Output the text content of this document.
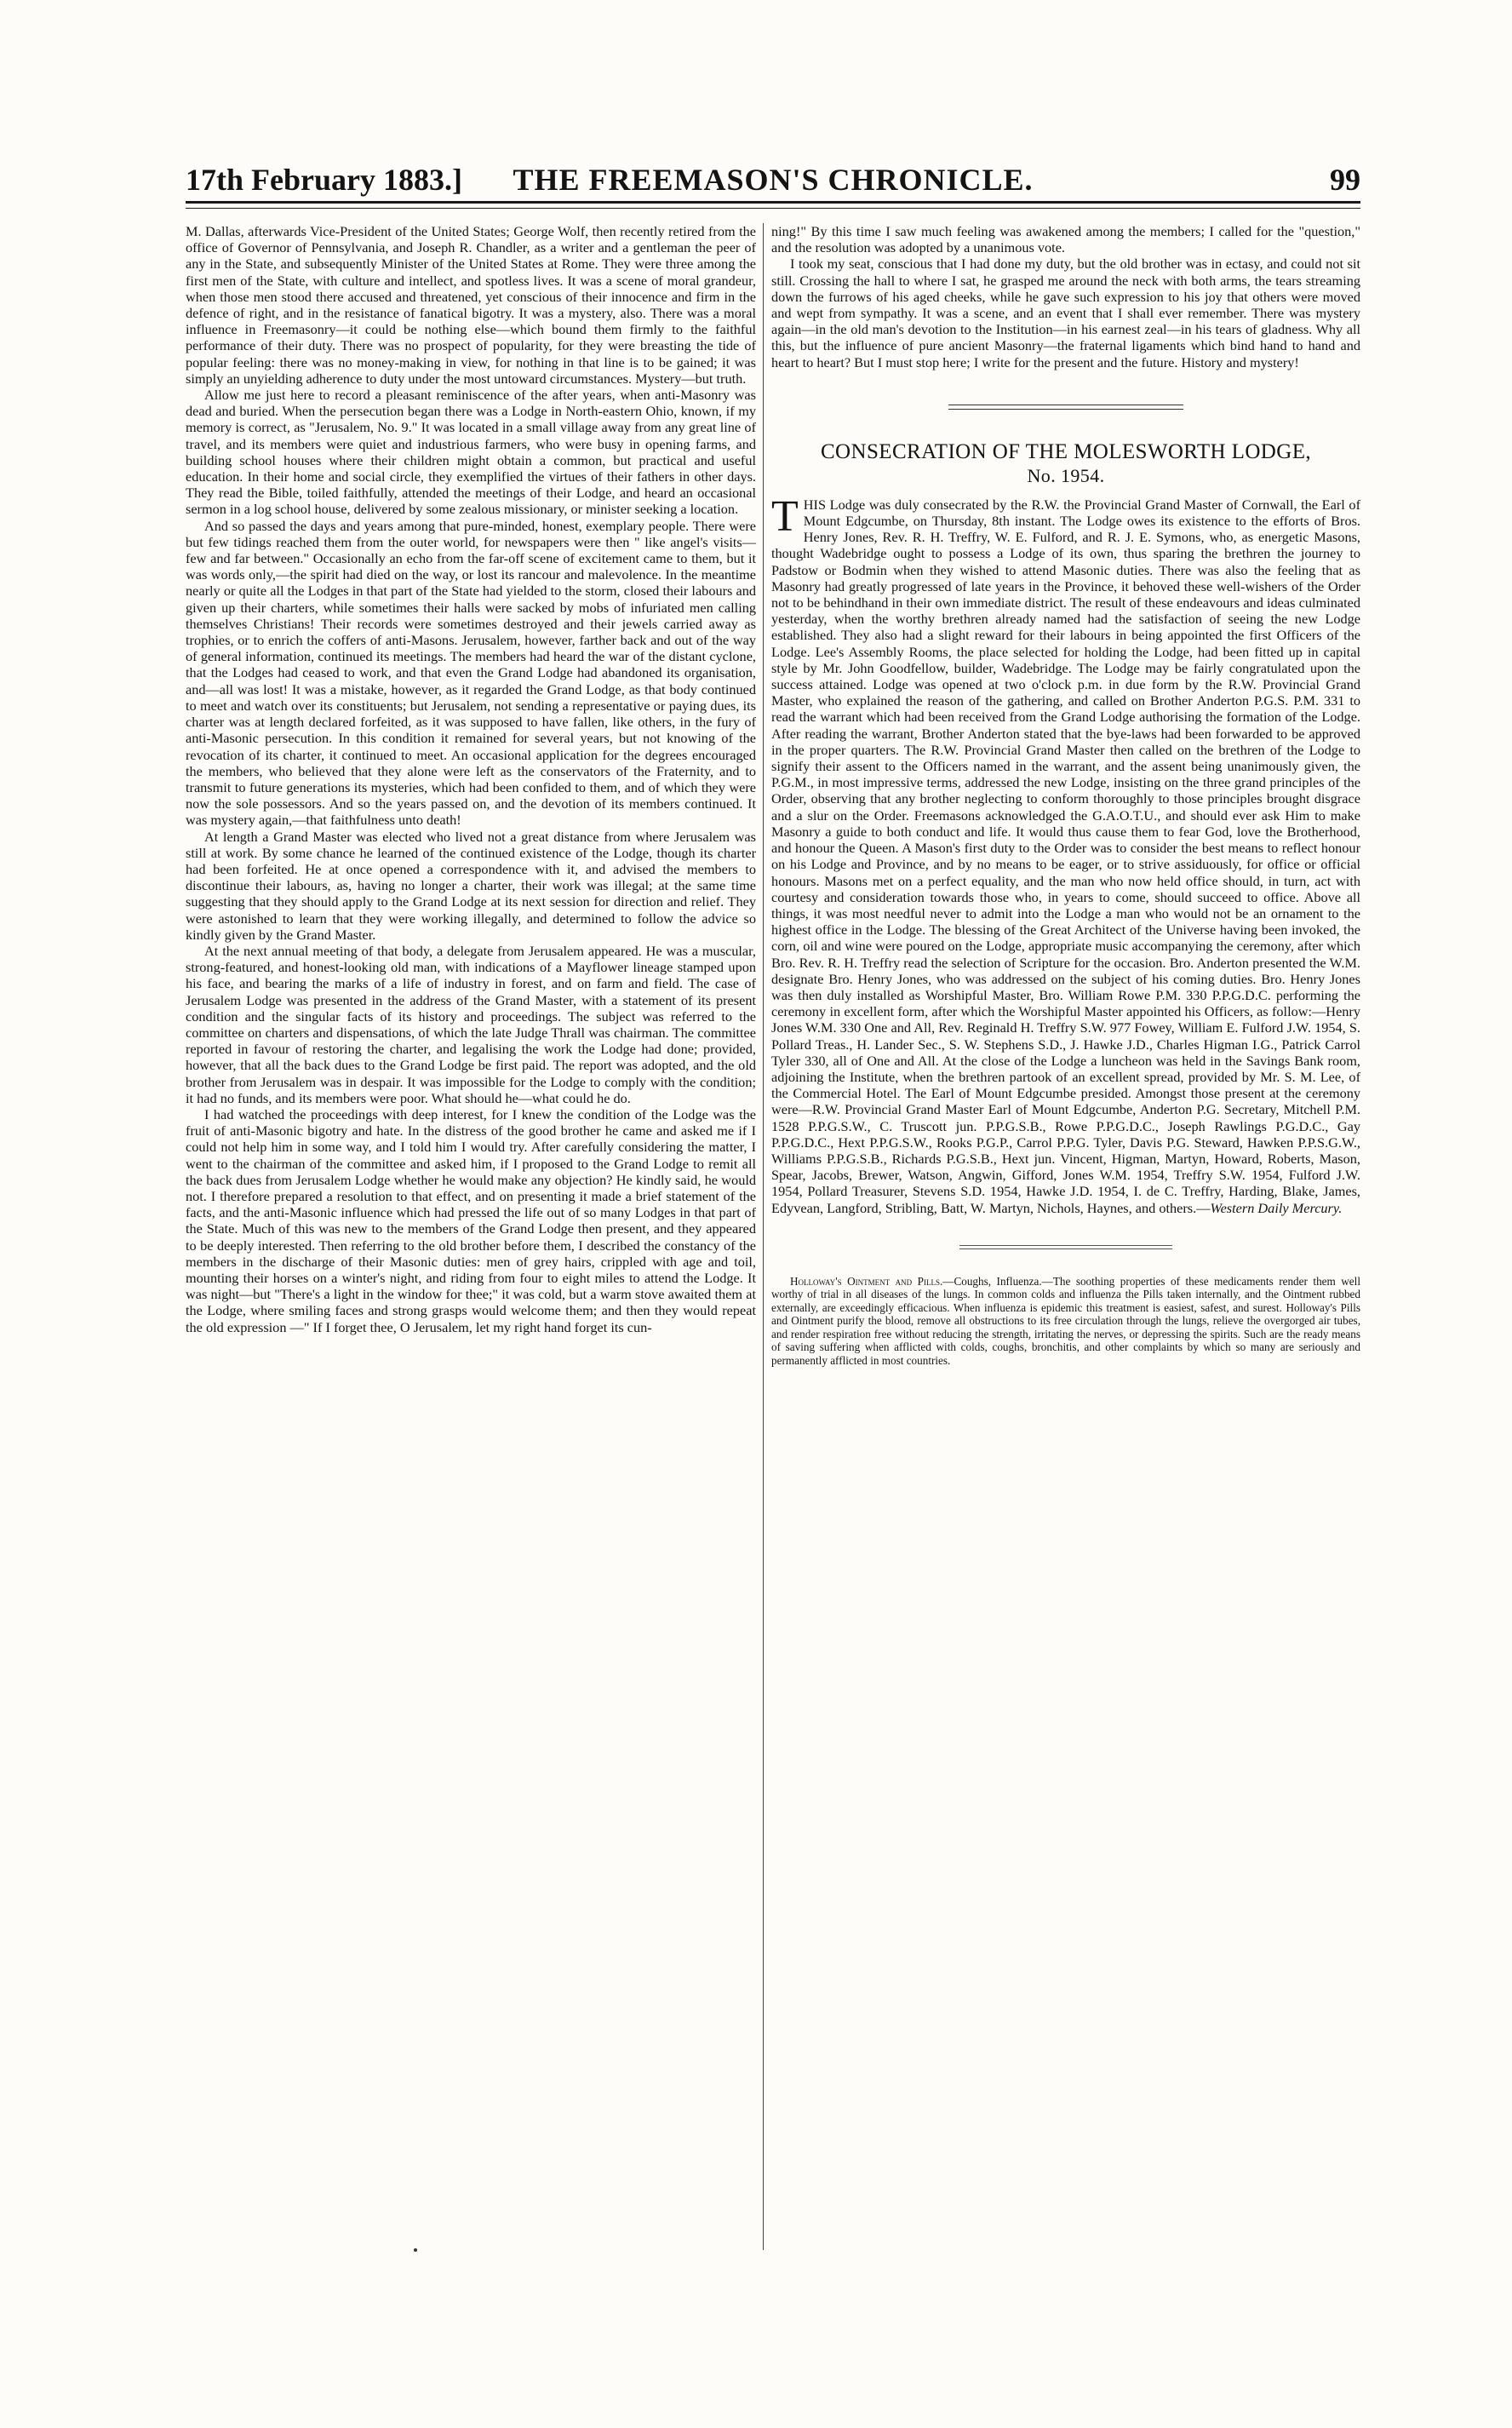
17th February 1883.]	THE FREEMASON'S CHRONICLE.	99

M. Dallas, afterwards Vice-President of the United States; George Wolf, then recently retired from the office of Governor of Pennsylvania, and Joseph R. Chandler, as a writer and a gentleman the peer of any in the State, and subsequently Minister of the United States at Rome. They were three among the first men of the State, with culture and intellect, and spotless lives. It was a scene of moral grandeur, when those men stood there accused and threatened, yet conscious of their innocence and firm in the defence of right, and in the resistance of fanatical bigotry. It was a mystery, also. There was a moral influence in Freemasonry—it could be nothing else—which bound them firmly to the faithful performance of their duty. There was no prospect of popularity, for they were breasting the tide of popular feeling: there was no money-making in view, for nothing in that line is to be gained; it was simply an unyielding adherence to duty under the most untoward circumstances. Mystery—but truth.

Allow me just here to record a pleasant reminiscence of the after years, when anti-Masonry was dead and buried. When the persecution began there was a Lodge in North-eastern Ohio, known, if my memory is correct, as "Jerusalem, No. 9." It was located in a small village away from any great line of travel, and its members were quiet and industrious farmers, who were busy in opening farms, and building school houses where their children might obtain a common, but practical and useful education. In their home and social circle, they exemplified the virtues of their fathers in other days. They read the Bible, toiled faithfully, attended the meetings of their Lodge, and heard an occasional sermon in a log school house, delivered by some zealous missionary, or minister seeking a location.

And so passed the days and years among that pure-minded, honest, exemplary people. There were but few tidings reached them from the outer world, for newspapers were then " like angel's visits—few and far between." Occasionally an echo from the far-off scene of excitement came to them, but it was words only,—the spirit had died on the way, or lost its rancour and malevolence. In the meantime nearly or quite all the Lodges in that part of the State had yielded to the storm, closed their labours and given up their charters, while sometimes their halls were sacked by mobs of infuriated men calling themselves Christians! Their records were sometimes destroyed and their jewels carried away as trophies, or to enrich the coffers of anti-Masons. Jerusalem, however, farther back and out of the way of general information, continued its meetings. The members had heard the war of the distant cyclone, that the Lodges had ceased to work, and that even the Grand Lodge had abandoned its organisation, and—all was lost! It was a mistake, however, as it regarded the Grand Lodge, as that body continued to meet and watch over its constituents; but Jerusalem, not sending a representative or paying dues, its charter was at length declared forfeited, as it was supposed to have fallen, like others, in the fury of anti-Masonic persecution. In this condition it remained for several years, but not knowing of the revocation of its charter, it continued to meet. An occasional application for the degrees encouraged the members, who believed that they alone were left as the conservators of the Fraternity, and to transmit to future generations its mysteries, which had been confided to them, and of which they were now the sole possessors. And so the years passed on, and the devotion of its members continued. It was mystery again,—that faithfulness unto death!

At length a Grand Master was elected who lived not a great distance from where Jerusalem was still at work. By some chance he learned of the continued existence of the Lodge, though its charter had been forfeited. He at once opened a correspondence with it, and advised the members to discontinue their labours, as, having no longer a charter, their work was illegal; at the same time suggesting that they should apply to the Grand Lodge at its next session for direction and relief. They were astonished to learn that they were working illegally, and determined to follow the advice so kindly given by the Grand Master.

At the next annual meeting of that body, a delegate from Jerusalem appeared. He was a muscular, strong-featured, and honest-looking old man, with indications of a Mayflower lineage stamped upon his face, and bearing the marks of a life of industry in forest, and on farm and field. The case of Jerusalem Lodge was presented in the address of the Grand Master, with a statement of its present condition and the singular facts of its history and proceedings. The subject was referred to the committee on charters and dispensations, of which the late Judge Thrall was chairman. The committee reported in favour of restoring the charter, and legalising the work the Lodge had done; provided, however, that all the back dues to the Grand Lodge be first paid. The report was adopted, and the old brother from Jerusalem was in despair. It was impossible for the Lodge to comply with the condition; it had no funds, and its members were poor. What should he—what could he do.

I had watched the proceedings with deep interest, for I knew the condition of the Lodge was the fruit of anti-Masonic bigotry and hate. In the distress of the good brother he came and asked me if I could not help him in some way, and I told him I would try. After carefully considering the matter, I went to the chairman of the committee and asked him, if I proposed to the Grand Lodge to remit all the back dues from Jerusalem Lodge whether he would make any objection? He kindly said, he would not. I therefore prepared a resolution to that effect, and on presenting it made a brief statement of the facts, and the anti-Masonic influence which had pressed the life out of so many Lodges in that part of the State. Much of this was new to the members of the Grand Lodge then present, and they appeared to be deeply interested. Then referring to the old brother before them, I described the constancy of the members in the discharge of their Masonic duties: men of grey hairs, crippled with age and toil, mounting their horses on a winter's night, and riding from four to eight miles to attend the Lodge. It was night—but "There's a light in the window for thee;" it was cold, but a warm stove awaited them at the Lodge, where smiling faces and strong grasps would welcome them; and then they would repeat the old expression —" If I forget thee, O Jerusalem, let my right hand forget its cun-

ning!" By this time I saw much feeling was awakened among the members; I called for the "question," and the resolution was adopted by a unanimous vote.

I took my seat, conscious that I had done my duty, but the old brother was in ectasy, and could not sit still. Crossing the hall to where I sat, he grasped me around the neck with both arms, the tears streaming down the furrows of his aged cheeks, while he gave such expression to his joy that others were moved and wept from sympathy. It was a scene, and an event that I shall ever remember. There was mystery again—in the old man's devotion to the Institution—in his earnest zeal—in his tears of gladness. Why all this, but the influence of pure ancient Masonry—the fraternal ligaments which bind hand to hand and heart to heart? But I must stop here; I write for the present and the future. History and mystery!

CONSECRATION OF THE MOLESWORTH LODGE,
No. 1954.

THIS Lodge was duly consecrated by the R.W. the Provincial Grand Master of Cornwall, the Earl of Mount Edgcumbe, on Thursday, 8th instant. The Lodge owes its existence to the efforts of Bros. Henry Jones, Rev. R. H. Treffry, W. E. Fulford, and R. J. E. Symons, who, as energetic Masons, thought Wadebridge ought to possess a Lodge of its own, thus sparing the brethren the journey to Padstow or Bodmin when they wished to attend Masonic duties. There was also the feeling that as Masonry had greatly progressed of late years in the Province, it behoved these well-wishers of the Order not to be behindhand in their own immediate district. The result of these endeavours and ideas culminated yesterday, when the worthy brethren already named had the satisfaction of seeing the new Lodge established. They also had a slight reward for their labours in being appointed the first Officers of the Lodge. Lee's Assembly Rooms, the place selected for holding the Lodge, had been fitted up in capital style by Mr. John Goodfellow, builder, Wadebridge. The Lodge may be fairly congratulated upon the success attained. Lodge was opened at two o'clock p.m. in due form by the R.W. Provincial Grand Master, who explained the reason of the gathering, and called on Brother Anderton P.G.S. P.M. 331 to read the warrant which had been received from the Grand Lodge authorising the formation of the Lodge. After reading the warrant, Brother Anderton stated that the bye-laws had been forwarded to be approved in the proper quarters. The R.W. Provincial Grand Master then called on the brethren of the Lodge to signify their assent to the Officers named in the warrant, and the assent being unanimously given, the P.G.M., in most impressive terms, addressed the new Lodge, insisting on the three grand principles of the Order, observing that any brother neglecting to conform thoroughly to those principles brought disgrace and a slur on the Order. Freemasons acknowledged the G.A.O.T.U., and should ever ask Him to make Masonry a guide to both conduct and life. It would thus cause them to fear God, love the Brotherhood, and honour the Queen. A Mason's first duty to the Order was to consider the best means to reflect honour on his Lodge and Province, and by no means to be eager, or to strive assiduously, for office or official honours. Masons met on a perfect equality, and the man who now held office should, in turn, act with courtesy and consideration towards those who, in years to come, should succeed to office. Above all things, it was most needful never to admit into the Lodge a man who would not be an ornament to the highest office in the Lodge. The blessing of the Great Architect of the Universe having been invoked, the corn, oil and wine were poured on the Lodge, appropriate music accompanying the ceremony, after which Bro. Rev. R. H. Treffry read the selection of Scripture for the occasion. Bro. Anderton presented the W.M. designate Bro. Henry Jones, who was addressed on the subject of his coming duties. Bro. Henry Jones was then duly installed as Worshipful Master, Bro. William Rowe P.M. 330 P.P.G.D.C. performing the ceremony in excellent form, after which the Worshipful Master appointed his Officers, as follow:—Henry Jones W.M. 330 One and All, Rev. Reginald H. Treffry S.W. 977 Fowey, William E. Fulford J.W. 1954, S. Pollard Treas., H. Lander Sec., S. W. Stephens S.D., J. Hawke J.D., Charles Higman I.G., Patrick Carrol Tyler 330, all of One and All. At the close of the Lodge a luncheon was held in the Savings Bank room, adjoining the Institute, when the brethren partook of an excellent spread, provided by Mr. S. M. Lee, of the Commercial Hotel. The Earl of Mount Edgcumbe presided. Amongst those present at the ceremony were—R.W. Provincial Grand Master Earl of Mount Edgcumbe, Anderton P.G. Secretary, Mitchell P.M. 1528 P.P.G.S.W., C. Truscott jun. P.P.G.S.B., Rowe P.P.G.D.C., Joseph Rawlings P.G.D.C., Gay P.P.G.D.C., Hext P.P.G.S.W., Rooks P.G.P., Carrol P.P.G. Tyler, Davis P.G. Steward, Hawken P.P.S.G.W., Williams P.P.G.S.B., Richards P.G.S.B., Hext jun. Vincent, Higman, Martyn, Howard, Roberts, Mason, Spear, Jacobs, Brewer, Watson, Angwin, Gifford, Jones W.M. 1954, Treffry S.W. 1954, Fulford J.W. 1954, Pollard Treasurer, Stevens S.D. 1954, Hawke J.D. 1954, I. de C. Treffry, Harding, Blake, James, Edyvean, Langford, Stribling, Batt, W. Martyn, Nichols, Haynes, and others.—Western Daily Mercury.

Holloway's Ointment and Pills.—Coughs, Influenza.—The soothing properties of these medicaments render them well worthy of trial in all diseases of the lungs. In common colds and influenza the Pills taken internally, and the Ointment rubbed externally, are exceedingly efficacious. When influenza is epidemic this treatment is easiest, safest, and surest. Holloway's Pills and Ointment purify the blood, remove all obstructions to its free circulation through the lungs, relieve the overgorged air tubes, and render respiration free without reducing the strength, irritating the nerves, or depressing the spirits. Such are the ready means of saving suffering when afflicted with colds, coughs, bronchitis, and other complaints by which so many are seriously and permanently afflicted in most countries.
